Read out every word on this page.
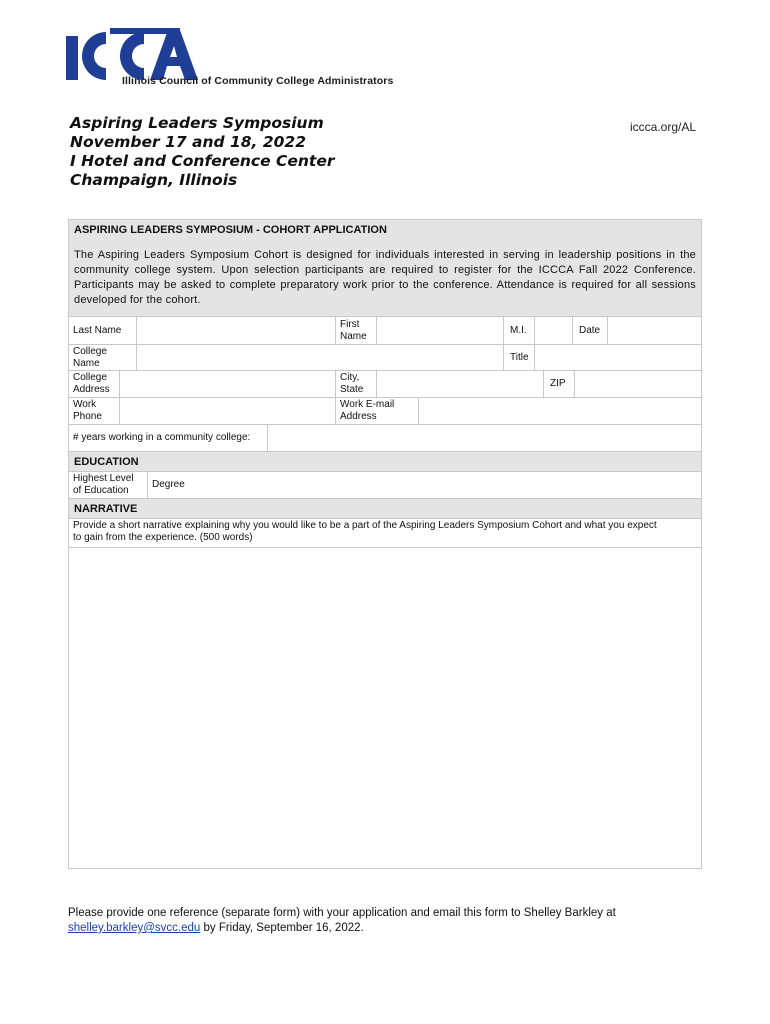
Illinois Council of Community College Administrators
Aspiring Leaders Symposium
November 17 and 18, 2022
I Hotel and Conference Center
Champaign, Illinois
iccca.org/AL
ASPIRING LEADERS SYMPOSIUM - COHORT APPLICATION
The Aspiring Leaders Symposium Cohort is designed for individuals interested in serving in leadership positions in the community college system. Upon selection participants are required to register for the ICCCA Fall 2022 Conference. Participants may be asked to complete preparatory work prior to the conference. Attendance is required for all sessions developed for the cohort.
Last Name
First Name
M.I.	Date
College Name
Title
College Address
City, State
ZIP
Work Phone
Work E-mail Address
# years working in a community college:
EDUCATION
Highest Level of Education
Degree
NARRATIVE
Provide a short narrative explaining why you would like to be a part of the Aspiring Leaders Symposium Cohort and what you expect to gain from the experience. (500 words)
Please provide one reference (separate form) with your application and email this form to Shelley Barkley at
shelley.barkley@svcc.edu by Friday, September 16, 2022.
